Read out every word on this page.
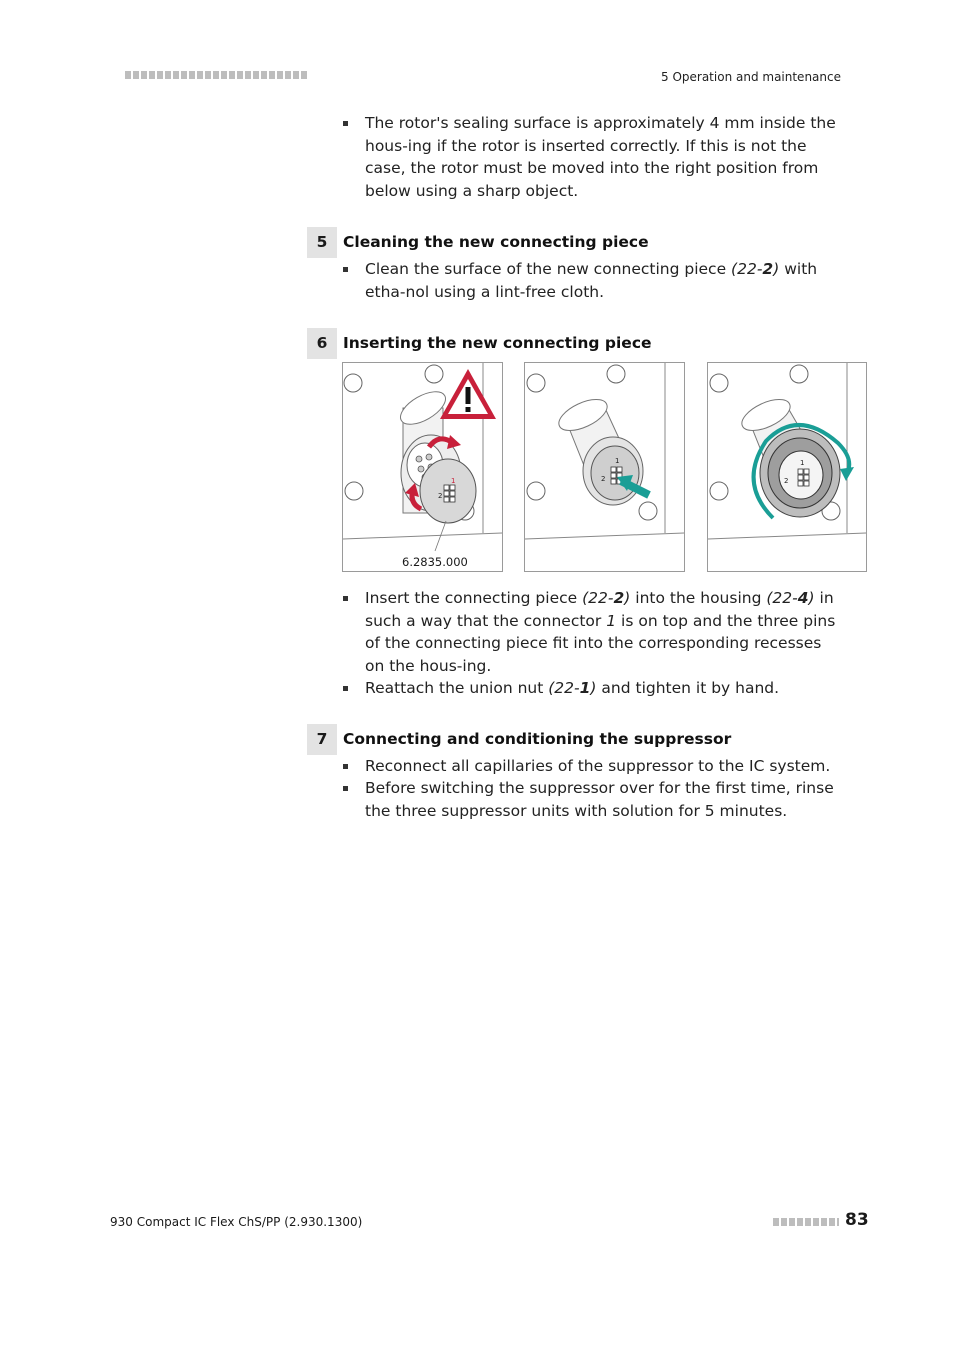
5 Operation and maintenance
The rotor's sealing surface is approximately 4 mm inside the hous-ing if the rotor is inserted correctly. If this is not the case, the rotor must be moved into the right position from below using a sharp object.
5	Cleaning the new connecting piece
Clean the surface of the new connecting piece (22-2) with etha-nol using a lint-free cloth.
6	Inserting the new connecting piece
1
2
6.2835.000
1
2
1
2
Insert the connecting piece (22-2) into the housing (22-4) in such a way that the connector 1 is on top and the three pins of the connecting piece fit into the corresponding recesses on the hous-ing.
Reattach the union nut (22-1) and tighten it by hand.
7	Connecting and conditioning the suppressor
Reconnect all capillaries of the suppressor to the IC system.
Before switching the suppressor over for the first time, rinse the three suppressor units with solution for 5 minutes.
930 Compact IC Flex ChS/PP (2.930.1300)	83
